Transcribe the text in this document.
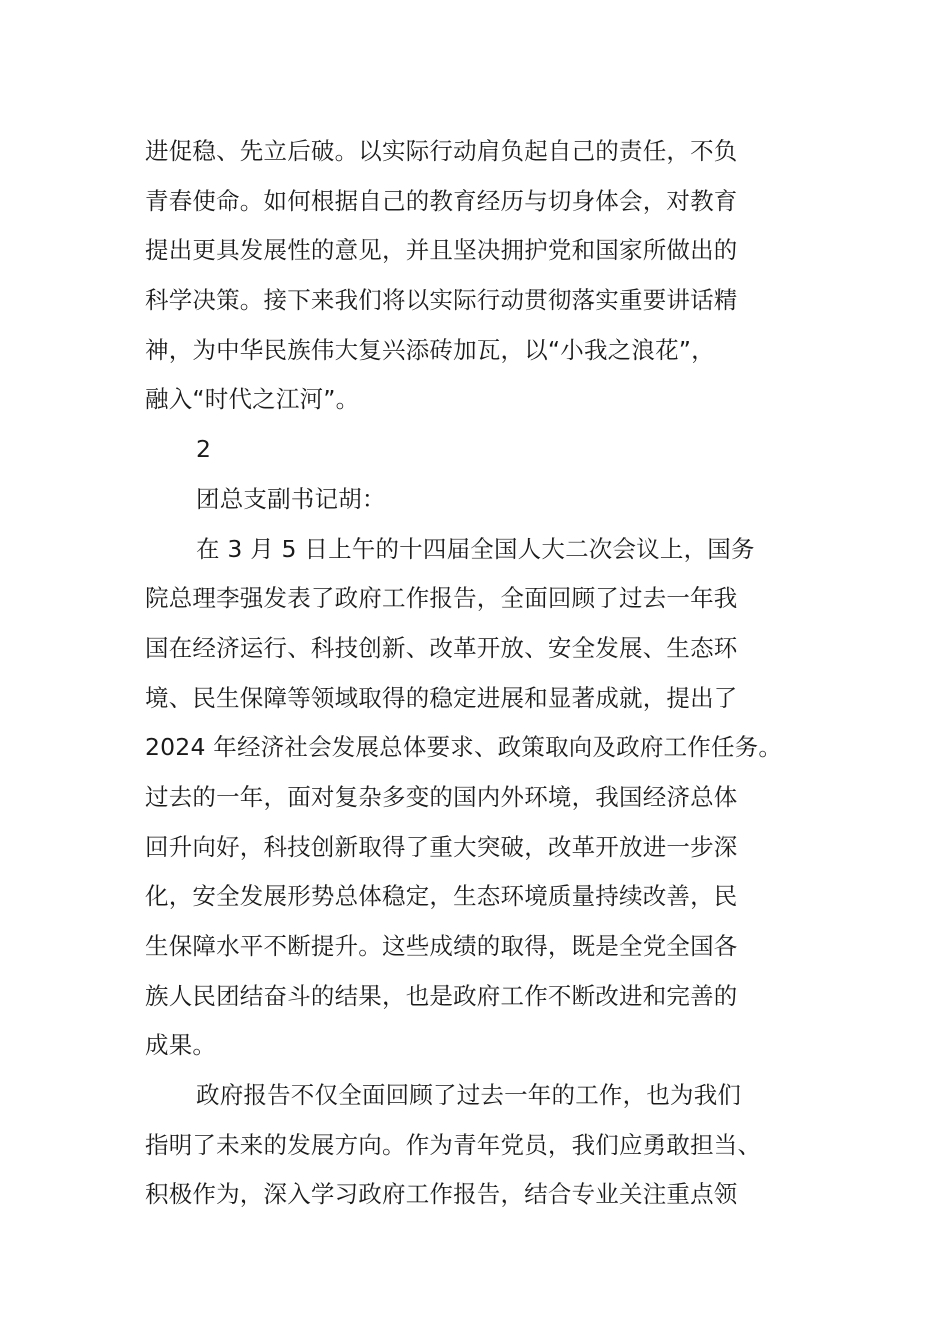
进促稳、先立后破。以实际行动肩负起自己的责任，不负
青春使命。如何根据自己的教育经历与切身体会，对教育
提出更具发展性的意见，并且坚决拥护党和国家所做出的
科学决策。接下来我们将以实际行动贯彻落实重要讲话精
神，为中华民族伟大复兴添砖加瓦，以“小我之浪花”，
融入“时代之江河”。
2
团总支副书记胡：
在 3 月 5 日上午的十四届全国人大二次会议上，国务
院总理李强发表了政府工作报告，全面回顾了过去一年我
国在经济运行、科技创新、改革开放、安全发展、生态环
境、民生保障等领域取得的稳定进展和显著成就，提出了
2024 年经济社会发展总体要求、政策取向及政府工作任务。
过去的一年，面对复杂多变的国内外环境，我国经济总体
回升向好，科技创新取得了重大突破，改革开放进一步深
化，安全发展形势总体稳定，生态环境质量持续改善，民
生保障水平不断提升。这些成绩的取得，既是全党全国各
族人民团结奋斗的结果，也是政府工作不断改进和完善的
成果。
政府报告不仅全面回顾了过去一年的工作，也为我们
指明了未来的发展方向。作为青年党员，我们应勇敢担当、
积极作为，深入学习政府工作报告，结合专业关注重点领
